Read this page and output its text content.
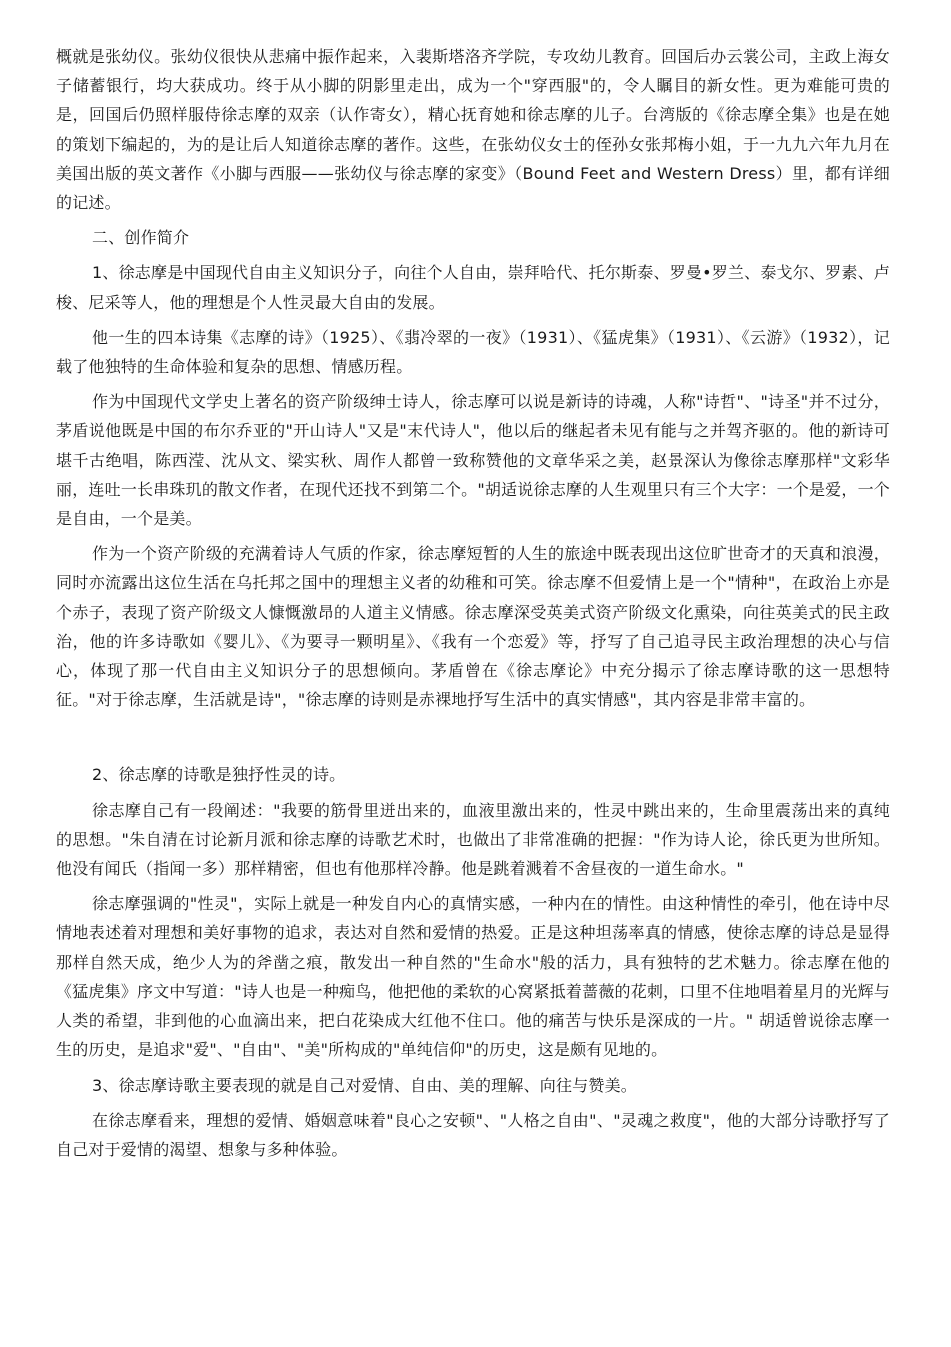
概就是张幼仪。张幼仪很快从悲痛中振作起来，入裴斯塔洛齐学院，专攻幼儿教育。回国后办云裳公司，主政上海女子储蓄银行，均大获成功。终于从小脚的阴影里走出，成为一个"穿西服"的，令人瞩目的新女性。更为难能可贵的是，回国后仍照样服侍徐志摩的双亲（认作寄女），精心抚育她和徐志摩的儿子。台湾版的《徐志摩全集》也是在她的策划下编起的，为的是让后人知道徐志摩的著作。这些，在张幼仪女士的侄孙女张邦梅小姐，于一九九六年九月在美国出版的英文著作《小脚与西服——张幼仪与徐志摩的家变》（Bound Feet and Western Dress）里，都有详细的记述。

二、创作简介

1、徐志摩是中国现代自由主义知识分子，向往个人自由，崇拜哈代、托尔斯泰、罗曼•罗兰、泰戈尔、罗素、卢梭、尼采等人，他的理想是个人性灵最大自由的发展。

他一生的四本诗集《志摩的诗》（1925）、《翡冷翠的一夜》（1931）、《猛虎集》（1931）、《云游》（1932），记载了他独特的生命体验和复杂的思想、情感历程。

作为中国现代文学史上著名的资产阶级绅士诗人，徐志摩可以说是新诗的诗魂，人称"诗哲"、"诗圣"并不过分，茅盾说他既是中国的布尔乔亚的"开山诗人"又是"末代诗人"，他以后的继起者未见有能与之并驾齐驱的。他的新诗可堪千古绝唱，陈西滢、沈从文、梁实秋、周作人都曾一致称赞他的文章华采之美，赵景深认为像徐志摩那样"文彩华丽，连吐一长串珠玑的散文作者，在现代还找不到第二个。"胡适说徐志摩的人生观里只有三个大字：一个是爱，一个是自由，一个是美。

作为一个资产阶级的充满着诗人气质的作家，徐志摩短暂的人生的旅途中既表现出这位旷世奇才的天真和浪漫，同时亦流露出这位生活在乌托邦之国中的理想主义者的幼稚和可笑。徐志摩不但爱情上是一个"情种"，在政治上亦是个赤子，表现了资产阶级文人慷慨激昂的人道主义情感。徐志摩深受英美式资产阶级文化熏染，向往英美式的民主政治，他的许多诗歌如《婴儿》、《为要寻一颗明星》、《我有一个恋爱》等，抒写了自己追寻民主政治理想的决心与信心，体现了那一代自由主义知识分子的思想倾向。茅盾曾在《徐志摩论》中充分揭示了徐志摩诗歌的这一思想特征。"对于徐志摩，生活就是诗"，"徐志摩的诗则是赤裸地抒写生活中的真实情感"，其内容是非常丰富的。

2、徐志摩的诗歌是独抒性灵的诗。

徐志摩自己有一段阐述："我要的筋骨里迸出来的，血液里激出来的，性灵中跳出来的，生命里震荡出来的真纯的思想。"朱自清在讨论新月派和徐志摩的诗歌艺术时，也做出了非常准确的把握："作为诗人论，徐氏更为世所知。他没有闻氏（指闻一多）那样精密，但也有他那样冷静。他是跳着溅着不舍昼夜的一道生命水。"

徐志摩强调的"性灵"，实际上就是一种发自内心的真情实感，一种内在的情性。由这种情性的牵引，他在诗中尽情地表述着对理想和美好事物的追求，表达对自然和爱情的热爱。正是这种坦荡率真的情感，使徐志摩的诗总是显得那样自然天成，绝少人为的斧凿之痕，散发出一种自然的"生命水"般的活力，具有独特的艺术魅力。徐志摩在他的《猛虎集》序文中写道："诗人也是一种痴鸟，他把他的柔软的心窝紧抵着蔷薇的花刺，口里不住地唱着星月的光辉与人类的希望，非到他的心血滴出来，把白花染成大红他不住口。他的痛苦与快乐是深成的一片。" 胡适曾说徐志摩一生的历史，是追求"爱"、"自由"、"美"所构成的"单纯信仰"的历史，这是颇有见地的。

3、徐志摩诗歌主要表现的就是自己对爱情、自由、美的理解、向往与赞美。

在徐志摩看来，理想的爱情、婚姻意味着"良心之安顿"、"人格之自由"、"灵魂之救度"，他的大部分诗歌抒写了自己对于爱情的渴望、想象与多种体验。
